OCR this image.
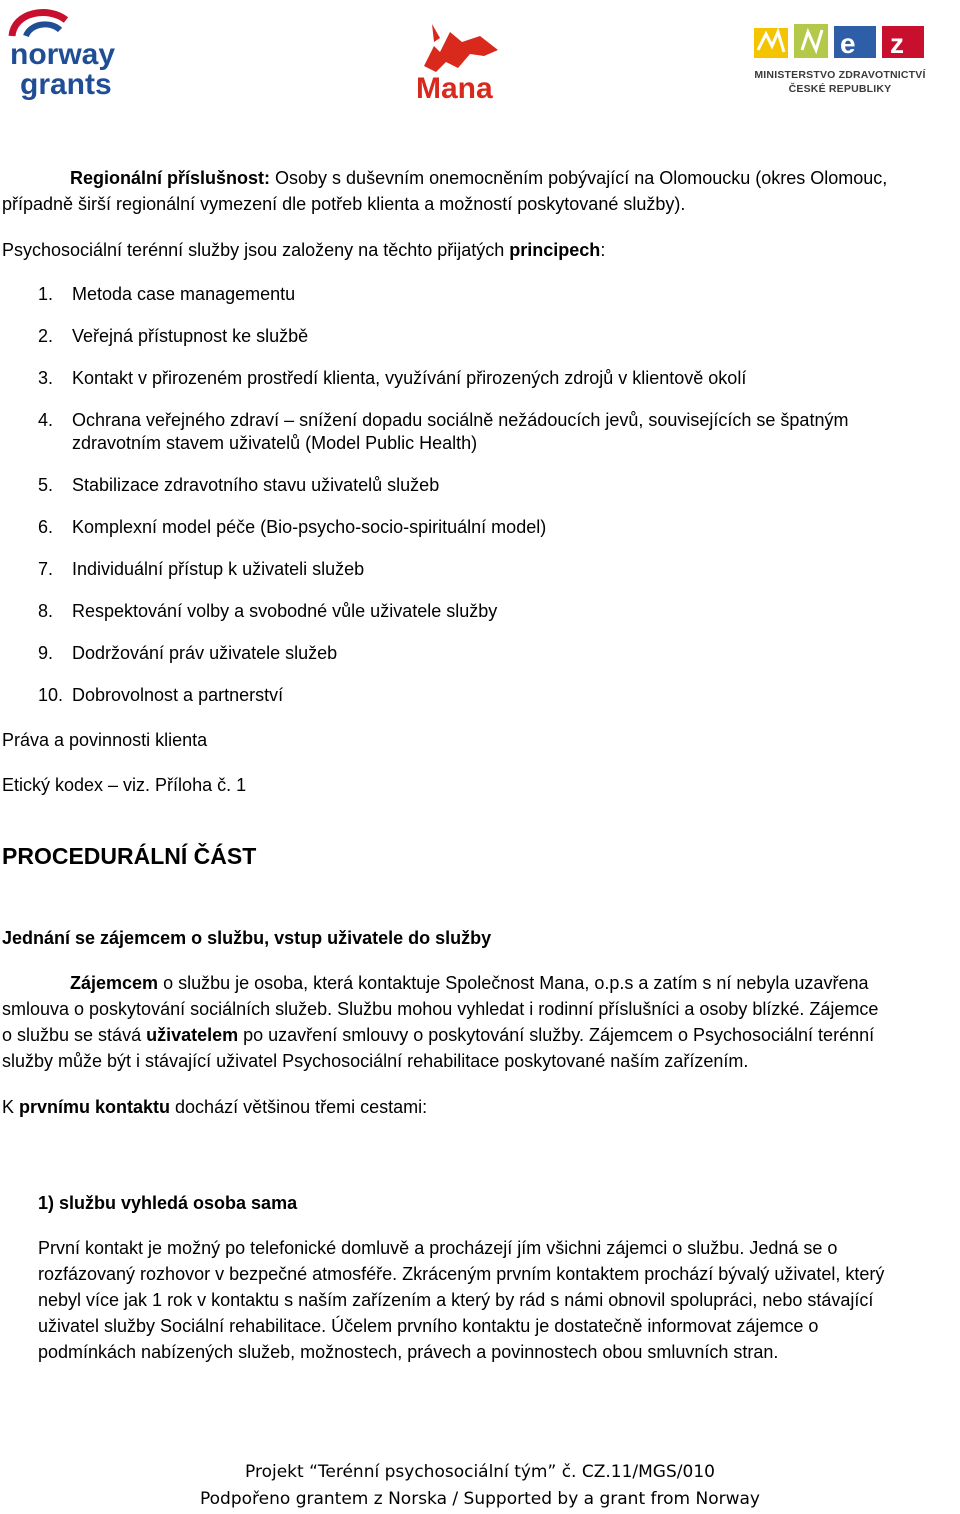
norway
grants	Mana
e z
MINISTERSTVO ZDRAVOTNICTVÍ
ČESKÉ REPUBLIKY
Regionální příslušnost: Osoby s duševním onemocněním pobývající na Olomoucku (okres Olomouc,
případně širší regionální vymezení dle potřeb klienta a možností poskytované služby).
Psychosociální terénní služby jsou založeny na těchto přijatých principech:
1. Metoda case managementu
2. Veřejná přístupnost ke službě
3. Kontakt v přirozeném prostředí klienta, využívání přirozených zdrojů v klientově okolí
4. Ochrana veřejného zdraví – snížení dopadu sociálně nežádoucích jevů, souvisejících se špatným zdravotním stavem uživatelů (Model Public Health)
5. Stabilizace zdravotního stavu uživatelů služeb
6. Komplexní model péče (Bio-psycho-socio-spirituální model)
7. Individuální přístup k uživateli služeb
8. Respektování volby a svobodné vůle uživatele služby
9. Dodržování práv uživatele služeb
10. Dobrovolnost a partnerství
Práva a povinnosti klienta
Etický kodex – viz. Příloha č. 1
PROCEDURÁLNÍ ČÁST
Jednání se zájemcem o službu, vstup uživatele do služby
Zájemcem o službu je osoba, která kontaktuje Společnost Mana, o.p.s a zatím s ní nebyla uzavřena
smlouva o poskytování sociálních služeb. Službu mohou vyhledat i rodinní příslušníci a osoby blízké. Zájemce
o službu se stává uživatelem po uzavření smlouvy o poskytování služby. Zájemcem o Psychosociální terénní
služby může být i stávající uživatel Psychosociální rehabilitace poskytované naším zařízením.
K prvnímu kontaktu dochází většinou třemi cestami:
1) službu vyhledá osoba sama
První kontakt je možný po telefonické domluvě a procházejí jím všichni zájemci o službu. Jedná se o
rozfázovaný rozhovor v bezpečné atmosféře. Zkráceným prvním kontaktem prochází bývalý uživatel, který
nebyl více jak 1 rok v kontaktu s naším zařízením a který by rád s námi obnovil spolupráci, nebo stávající
uživatel služby Sociální rehabilitace. Účelem prvního kontaktu je dostatečně informovat zájemce o
podmínkách nabízených služeb, možnostech, právech a povinnostech obou smluvních stran.
Projekt “Terénní psychosociální tým” č. CZ.11/MGS/010
Podpořeno grantem z Norska / Supported by a grant from Norway
